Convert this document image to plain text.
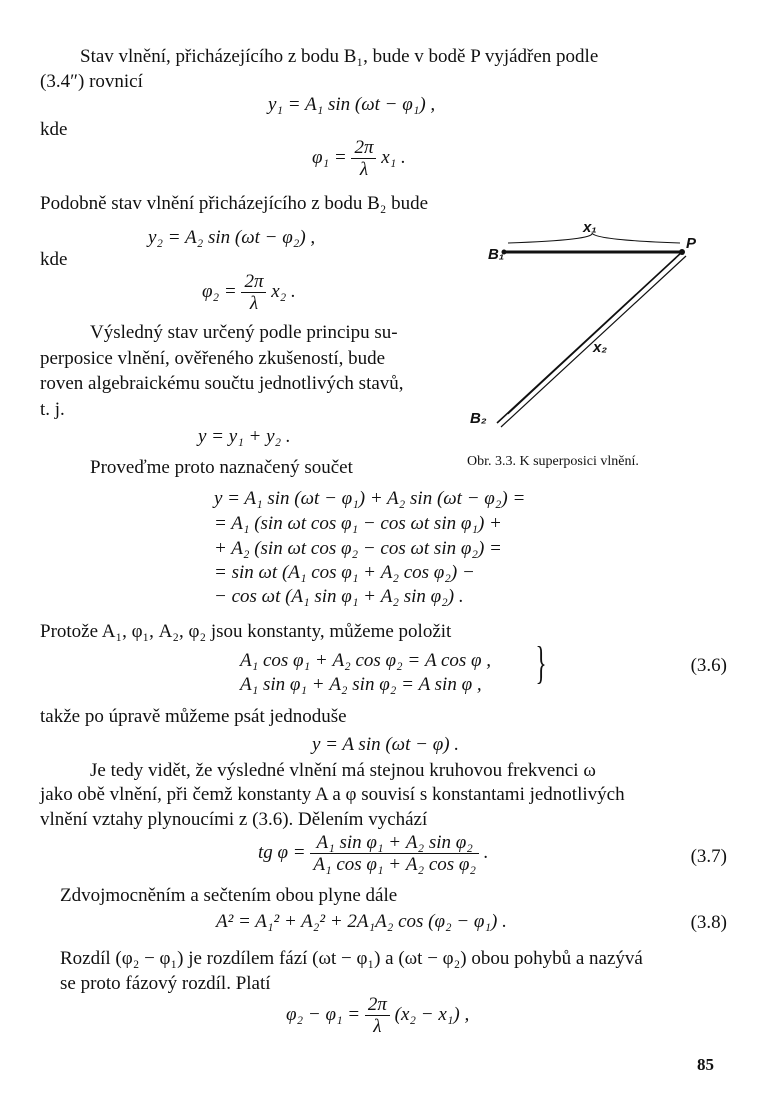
Stav vlnění, přicházejícího z bodu B₁, bude v bodě P vyjádřen podle
(3.4″) rovnicí
y₁ = A₁ sin (ωt − φ₁) ,
kde
$\varphi_1 = \frac{2\pi}{\lambda} x_1$ .
Podobně stav vlnění přicházejícího z bodu B₂ bude
y₂ = A₂ sin (ωt − φ₂) ,
kde
$\varphi_2 = \frac{2\pi}{\lambda} x_2$ .
Výsledný stav určený podle principu su-
perposice vlnění, ověřeného zkušeností, bude
roven algebraickému součtu jednotlivých stavů,
t. j.
y = y₁ + y₂ .
Proveďme proto naznačený součet
x₁
B₁
P
x₂
B₂
Obr. 3.3. K superposici vlnění.
y = A₁ sin (ωt − φ₁) + A₂ sin (ωt − φ₂) =
= A₁ (sin ωt cos φ₁ − cos ωt sin φ₁) +
+ A₂ (sin ωt cos φ₂ − cos ωt sin φ₂) =
= sin ωt (A₁ cos φ₁ + A₂ cos φ₂) −
− cos ωt (A₁ sin φ₁ + A₂ sin φ₂) .
Protože A₁, φ₁, A₂, φ₂ jsou konstanty, můžeme položit
A₁ cos φ₁ + A₂ cos φ₂ = A cos φ ,
A₁ sin φ₁ + A₂ sin φ₂ = A sin φ , }	(3.6)
takže po úpravě můžeme psát jednoduše
y = A sin (ωt − φ) .
Je tedy vidět, že výsledné vlnění má stejnou kruhovou frekvenci ω
jako obě vlnění, při čemž konstanty A a φ souvisí s konstantami jednotlivých
vlnění vztahy plynoucími z (3.6). Dělením vychází
tg $\varphi = \frac{\text{A₁ sin φ₁ + A₂ sin φ₂}}{\text{A₁ cos φ₁ + A₂ cos φ₂}}$ .	(3.7)
Zdvojmocněním a sečtením obou plyne dále
A² = A₁² + A₂² + 2A₁A₂ cos (φ₂ − φ₁) .	(3.8)
Rozdíl (φ₂ − φ₁) je rozdílem fází (ωt − φ₁) a (ωt − φ₂) obou pohybů a nazývá
se proto fázový rozdíl. Platí
$\varphi_2 - \varphi_1 = \frac{2\pi}{\lambda} (x_2 - x_1)$ ,
85
